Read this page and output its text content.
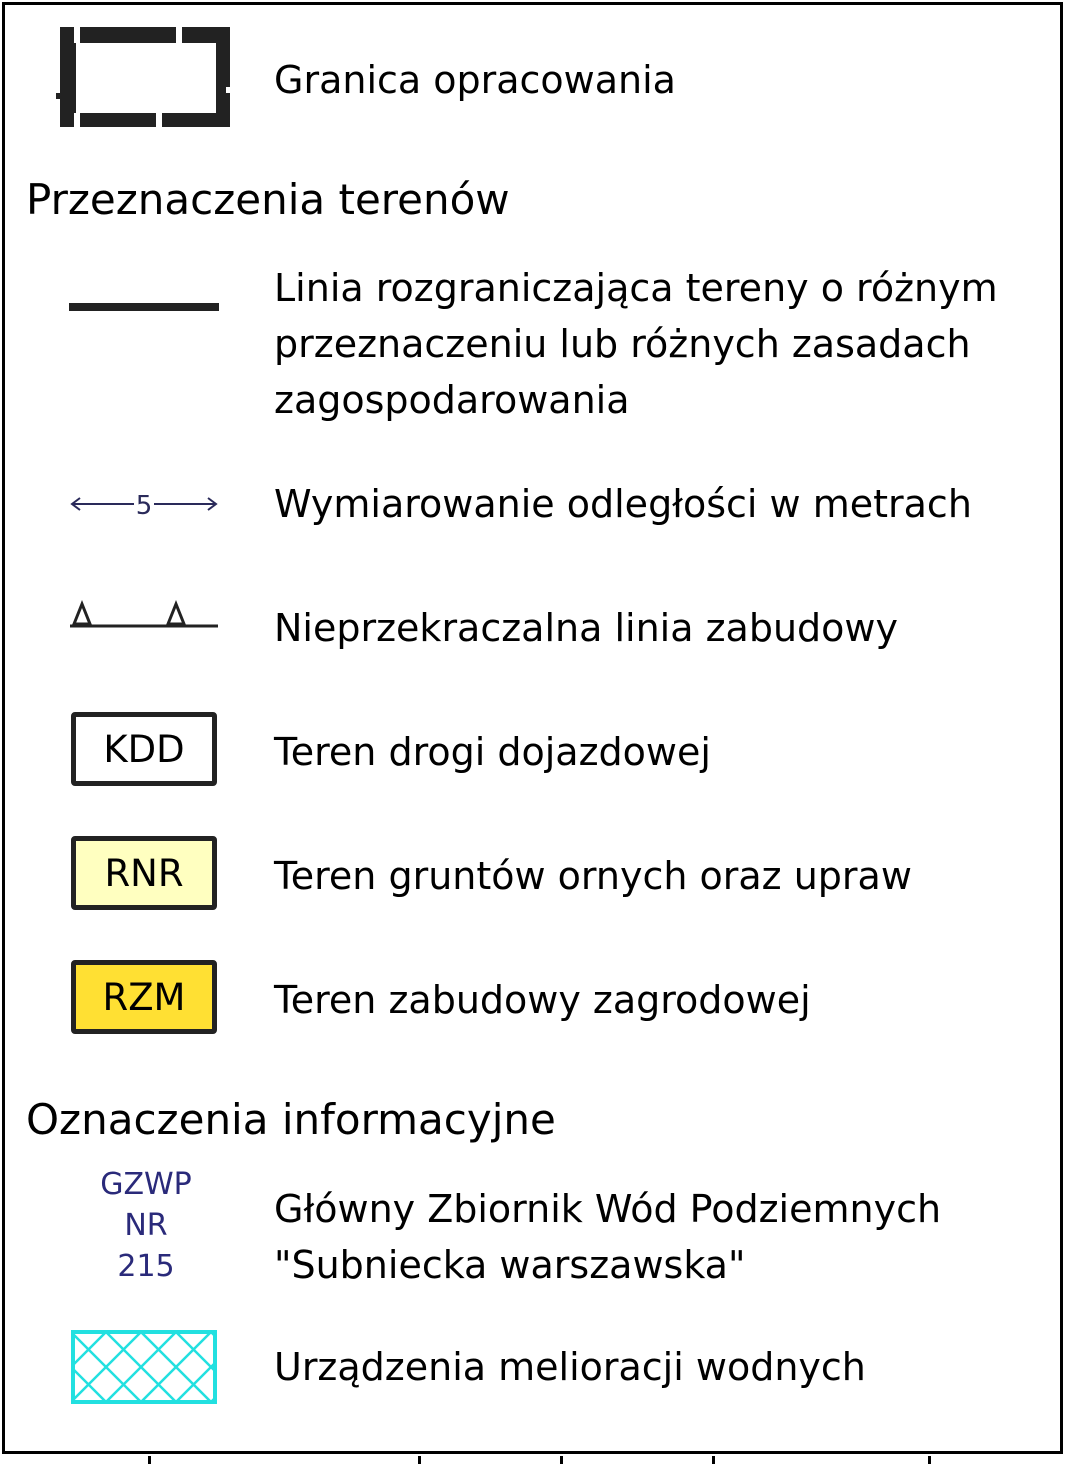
Granica opracowania
Przeznaczenia terenów
Linia rozgraniczająca tereny o różnym
przeznaczeniu lub różnych zasadach
zagospodarowania
5	Wymiarowanie odległości w metrach
Nieprzekraczalna linia zabudowy
KDD	Teren drogi dojazdowej
RNR	Teren gruntów ornych oraz upraw
RZM	Teren zabudowy zagrodowej
Oznaczenia informacyjne
GZWP
NR
215
Główny Zbiornik Wód Podziemnych
"Subniecka warszawska"
Urządzenia melioracji wodnych
